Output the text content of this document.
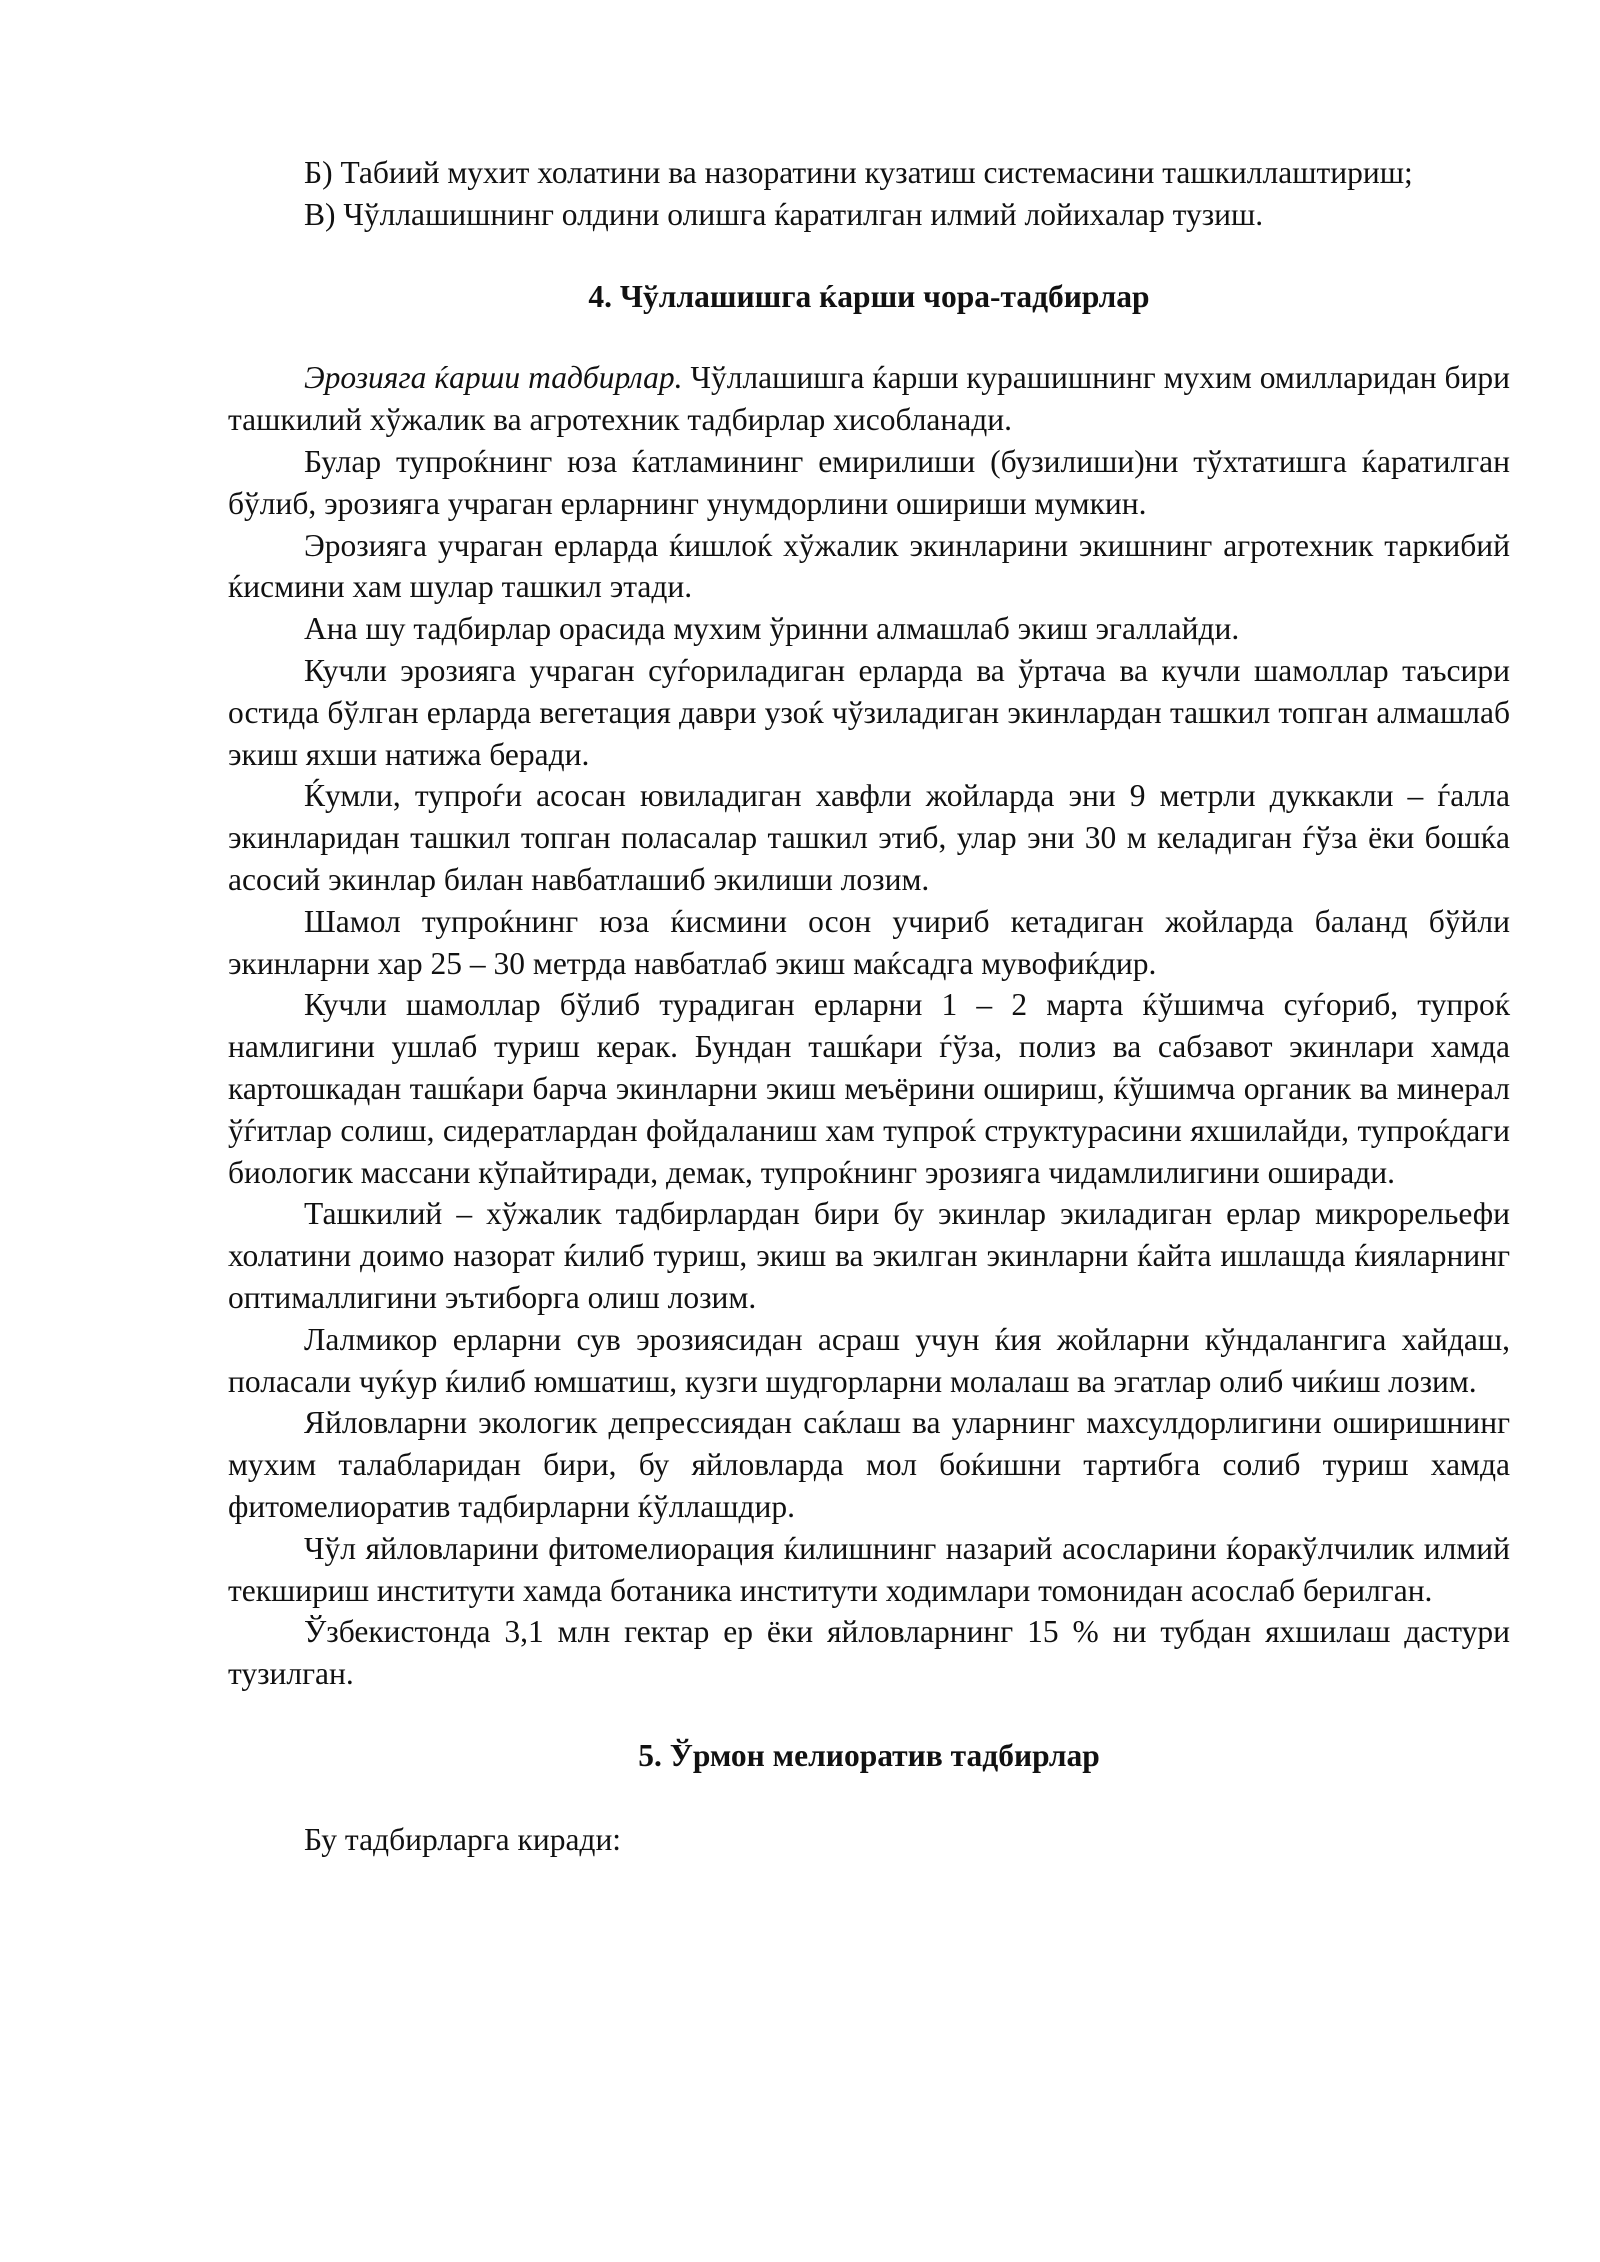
Б) Табиий мухит холатини ва назоратини кузатиш системасини ташкиллаштириш;

В) Чўллашишнинг олдини олишга ќаратилган илмий лойихалар тузиш.

4. Чўллашишга ќарши чора-тадбирлар

Эрозияга ќарши тадбирлар. Чўллашишга ќарши курашишнинг мухим омилларидан бири ташкилий хўжалик ва агротехник тадбирлар хисобланади.

Булар тупроќнинг юза ќатламининг емирилиши (бузилиши)ни тўхтатишга ќаратилган бўлиб, эрозияга учраган ерларнинг унумдорлини ошириши мумкин.

Эрозияга учраган ерларда ќишлоќ хўжалик экинларини экишнинг агротехник таркибий ќисмини хам шулар ташкил этади.

Ана шу тадбирлар орасида мухим ўринни алмашлаб экиш эгаллайди.

Кучли эрозияга учраган суѓориладиган ерларда ва ўртача ва кучли шамоллар таъсири остида бўлган ерларда вегетация даври узоќ чўзиладиган экинлардан ташкил топган алмашлаб экиш яхши натижа беради.

Ќумли, тупроѓи асосан ювиладиган хавфли жойларда эни 9 метрли дуккакли – ѓалла экинларидан ташкил топган поласалар ташкил этиб, улар эни 30 м келадиган ѓўза ёки бошќа асосий экинлар билан навбатлашиб экилиши лозим.

Шамол тупроќнинг юза ќисмини осон учириб кетадиган жойларда баланд бўйли экинларни хар 25 – 30 метрда навбатлаб экиш маќсадга мувофиќдир.

Кучли шамоллар бўлиб турадиган ерларни 1 – 2 марта ќўшимча суѓориб, тупроќ намлигини ушлаб туриш керак. Бундан ташќари ѓўза, полиз ва сабзавот экинлари хамда картошкадан ташќари барча экинларни экиш меъёрини ошириш, ќўшимча органик ва минерал ўѓитлар солиш, сидератлардан фойдаланиш хам тупроќ структурасини яхшилайди, тупроќдаги биологик массани кўпайтиради, демак, тупроќнинг эрозияга чидамлилигини оширади.

Ташкилий – хўжалик тадбирлардан бири бу экинлар экиладиган ерлар микрорельефи холатини доимо назорат ќилиб туриш, экиш ва экилган экинларни ќайта ишлашда ќияларнинг оптималлигини эътиборга олиш лозим.

Лалмикор ерларни сув эрозиясидан асраш учун ќия жойларни кўндалангига хайдаш, поласали чуќур ќилиб юмшатиш, кузги шудгорларни молалаш ва эгатлар олиб чиќиш лозим.

Яйловларни экологик депрессиядан саќлаш ва уларнинг махсулдорлигини оширишнинг мухим талабларидан бири, бу яйловларда мол боќишни тартибга солиб туриш хамда фитомелиоратив тадбирларни ќўллашдир.

Чўл яйловларини фитомелиорация ќилишнинг назарий асосларини ќоракўлчилик илмий текшириш институти хамда ботаника институти ходимлари томонидан асослаб берилган.

Ўзбекистонда 3,1 млн гектар ер ёки яйловларнинг 15 % ни тубдан яхшилаш дастури тузилган.

5. Ўрмон мелиоратив тадбирлар

Бу тадбирларга киради:
